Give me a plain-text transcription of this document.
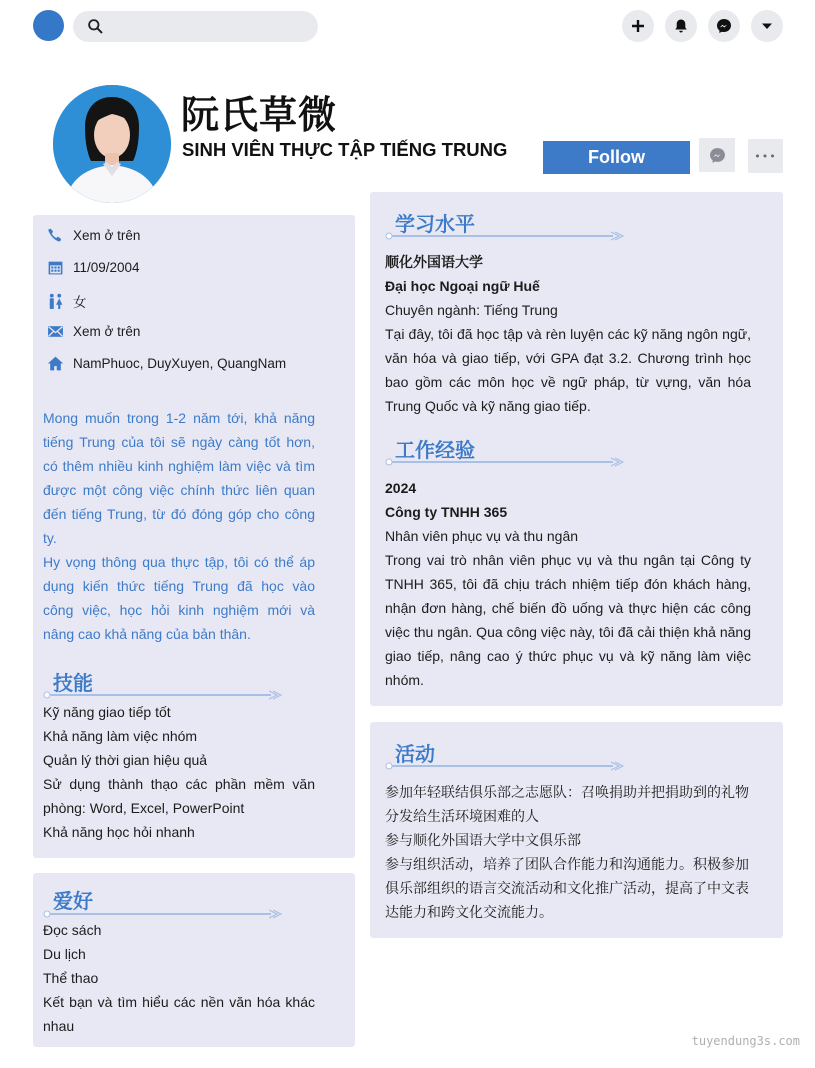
阮氏草微
SINH VIÊN THỰC TẬP TIẾNG TRUNG	Follow	•••
Xem ở trên
11/09/2004
女
Xem ở trên
NamPhuoc, DuyXuyen, QuangNam

Mong muốn trong 1-2 năm tới, khả năng tiếng Trung của tôi sẽ ngày càng tốt hơn, có thêm nhiều kinh nghiệm làm việc và tìm được một công việc chính thức liên quan đến tiếng Trung, từ đó đóng góp cho công ty.

Hy vọng thông qua thực tập, tôi có thể áp dụng kiến thức tiếng Trung đã học vào công việc, học hỏi kinh nghiệm mới và nâng cao khả năng của bản thân.

技能

Kỹ năng giao tiếp tốt

Khả năng làm việc nhóm

Quản lý thời gian hiệu quả

Sử dụng thành thạo các phần mềm văn phòng: Word, Excel, PowerPoint

Khả năng học hỏi nhanh

爱好

Đọc sách

Du lịch

Thể thao

Kết bạn và tìm hiểu các nền văn hóa khác nhau

学习水平

顺化外国语大学

Đại học Ngoại ngữ Huế

Chuyên ngành: Tiếng Trung

Tại đây, tôi đã học tập và rèn luyện các kỹ năng ngôn ngữ, văn hóa và giao tiếp, với GPA đạt 3.2. Chương trình học bao gồm các môn học về ngữ pháp, từ vựng, văn hóa Trung Quốc và kỹ năng giao tiếp.

工作经验

2024

Công ty TNHH 365

Nhân viên phục vụ và thu ngân

Trong vai trò nhân viên phục vụ và thu ngân tại Công ty TNHH 365, tôi đã chịu trách nhiệm tiếp đón khách hàng, nhận đơn hàng, chế biến đồ uống và thực hiện các công việc thu ngân. Qua công việc này, tôi đã cải thiện khả năng giao tiếp, nâng cao ý thức phục vụ và kỹ năng làm việc nhóm.

活动

参加年轻联结俱乐部之志愿队：召唤捐助并把捐助到的礼物分发给生活环境困难的人

参与顺化外国语大学中文俱乐部

参与组织活动，培养了团队合作能力和沟通能力。积极参加俱乐部组织的语言交流活动和文化推广活动，提高了中文表达能力和跨文化交流能力。

tuyendung3s.com
